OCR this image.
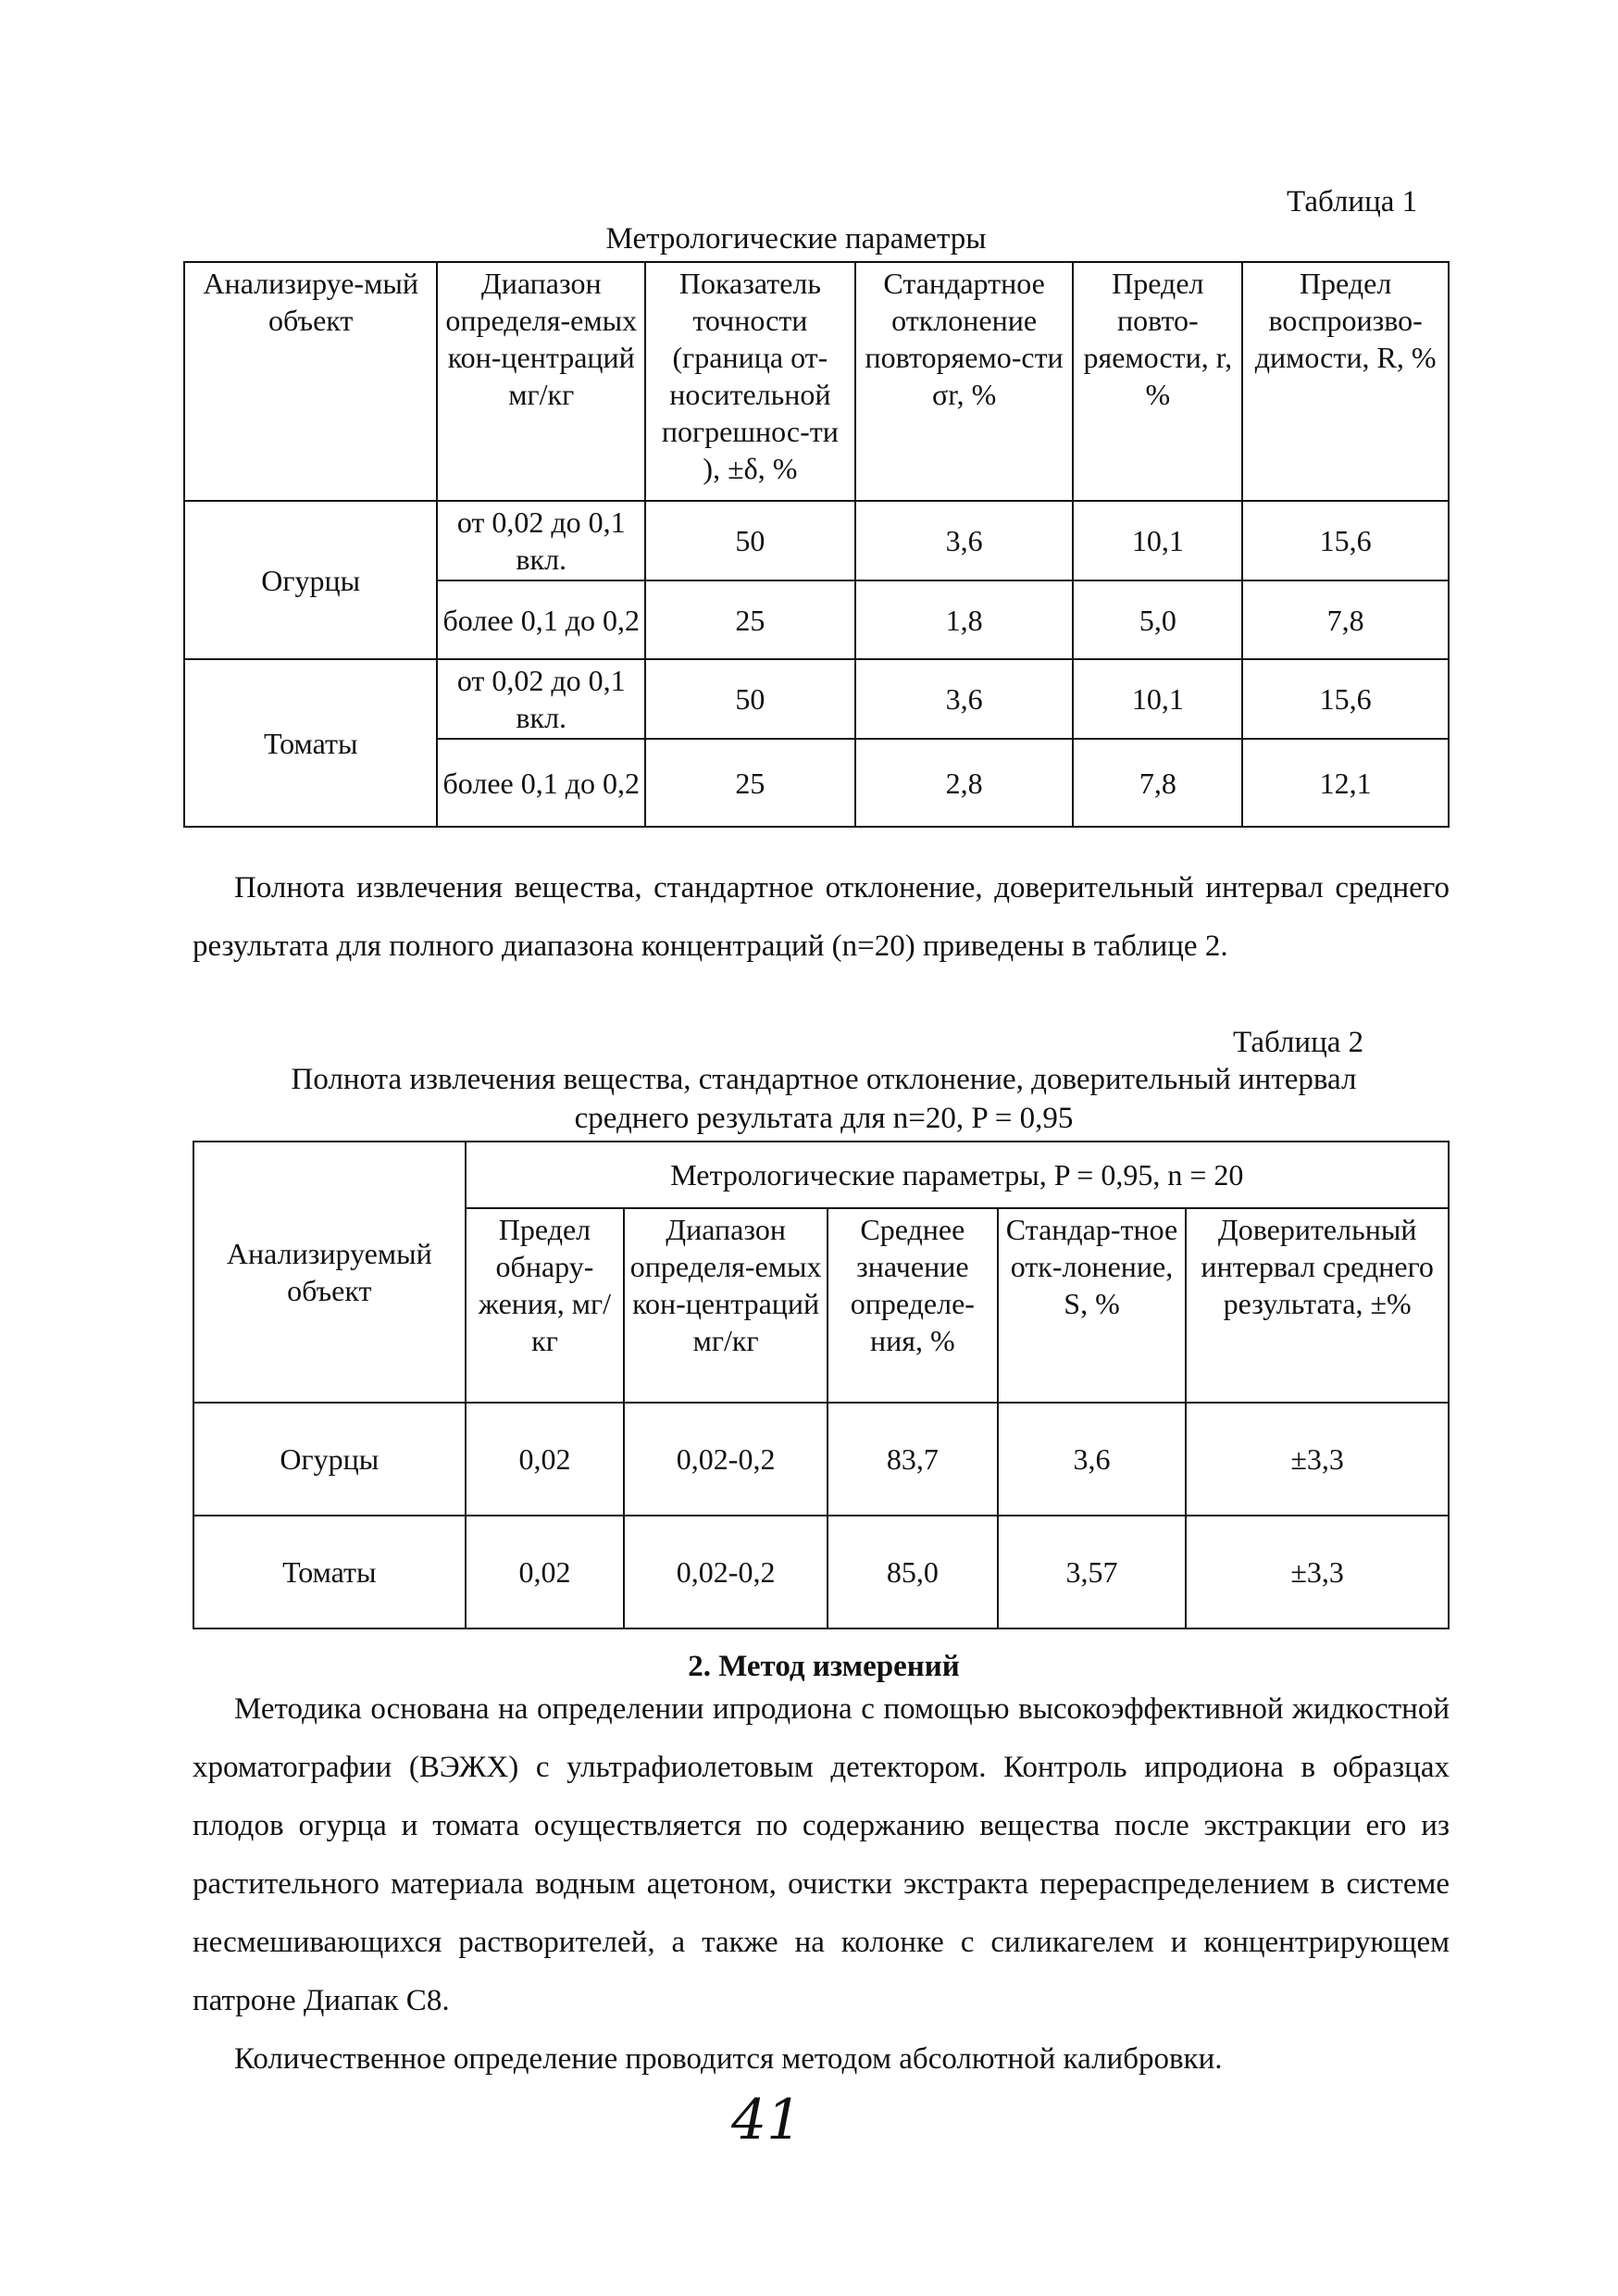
Таблица 1
Метрологические параметры
Анализируе-мый объект	Диапазон определя-емых кон-центраций мг/кг	Показатель точности (граница от-носительной погрешнос-ти ), ±δ, %	Стандартное отклонение повторяемо-сти σr, %	Предел повто-ряемости, r, %	Предел воспроизво-димости, R, %
Огурцы	от 0,02 до 0,1 вкл.	50	3,6	10,1	15,6
	более 0,1 до 0,2	25	1,8	5,0	7,8
Томаты	от 0,02 до 0,1 вкл.	50	3,6	10,1	15,6
	более 0,1 до 0,2	25	2,8	7,8	12,1
Полнота извлечения вещества, стандартное отклонение, доверительный интервал среднего результата для полного диапазона концентраций (n=20) приведены в таблице 2.
Таблица 2
Полнота извлечения вещества, стандартное отклонение, доверительный интервал
среднего результата для n=20, P = 0,95
Анализируемый объект	Метрологические параметры, P = 0,95, n = 20				
	Предел обнару-жения, мг/кг	Диапазон определя-емых кон-центраций мг/кг	Среднее значение определе-ния, %	Стандар-тное отк-лонение, S, %	Доверительный интервал среднего результата, ±%
Огурцы	0,02	0,02-0,2	83,7	3,6	±3,3
Томаты	0,02	0,02-0,2	85,0	3,57	±3,3
2. Метод измерений

Методика основана на определении ипродиона с помощью высокоэффективной жидкостной хроматографии (ВЭЖХ) с ультрафиолетовым детектором. Контроль ипродиона в образцах плодов огурца и томата осуществляется по содержанию вещества после экстракции его из растительного материала водным ацетоном, очистки экстракта перераспределением в системе несмешивающихся растворителей, а также на колонке с силикагелем и концентрирующем патроне Диапак С8.

Количественное определение проводится методом абсолютной калибровки.

41
